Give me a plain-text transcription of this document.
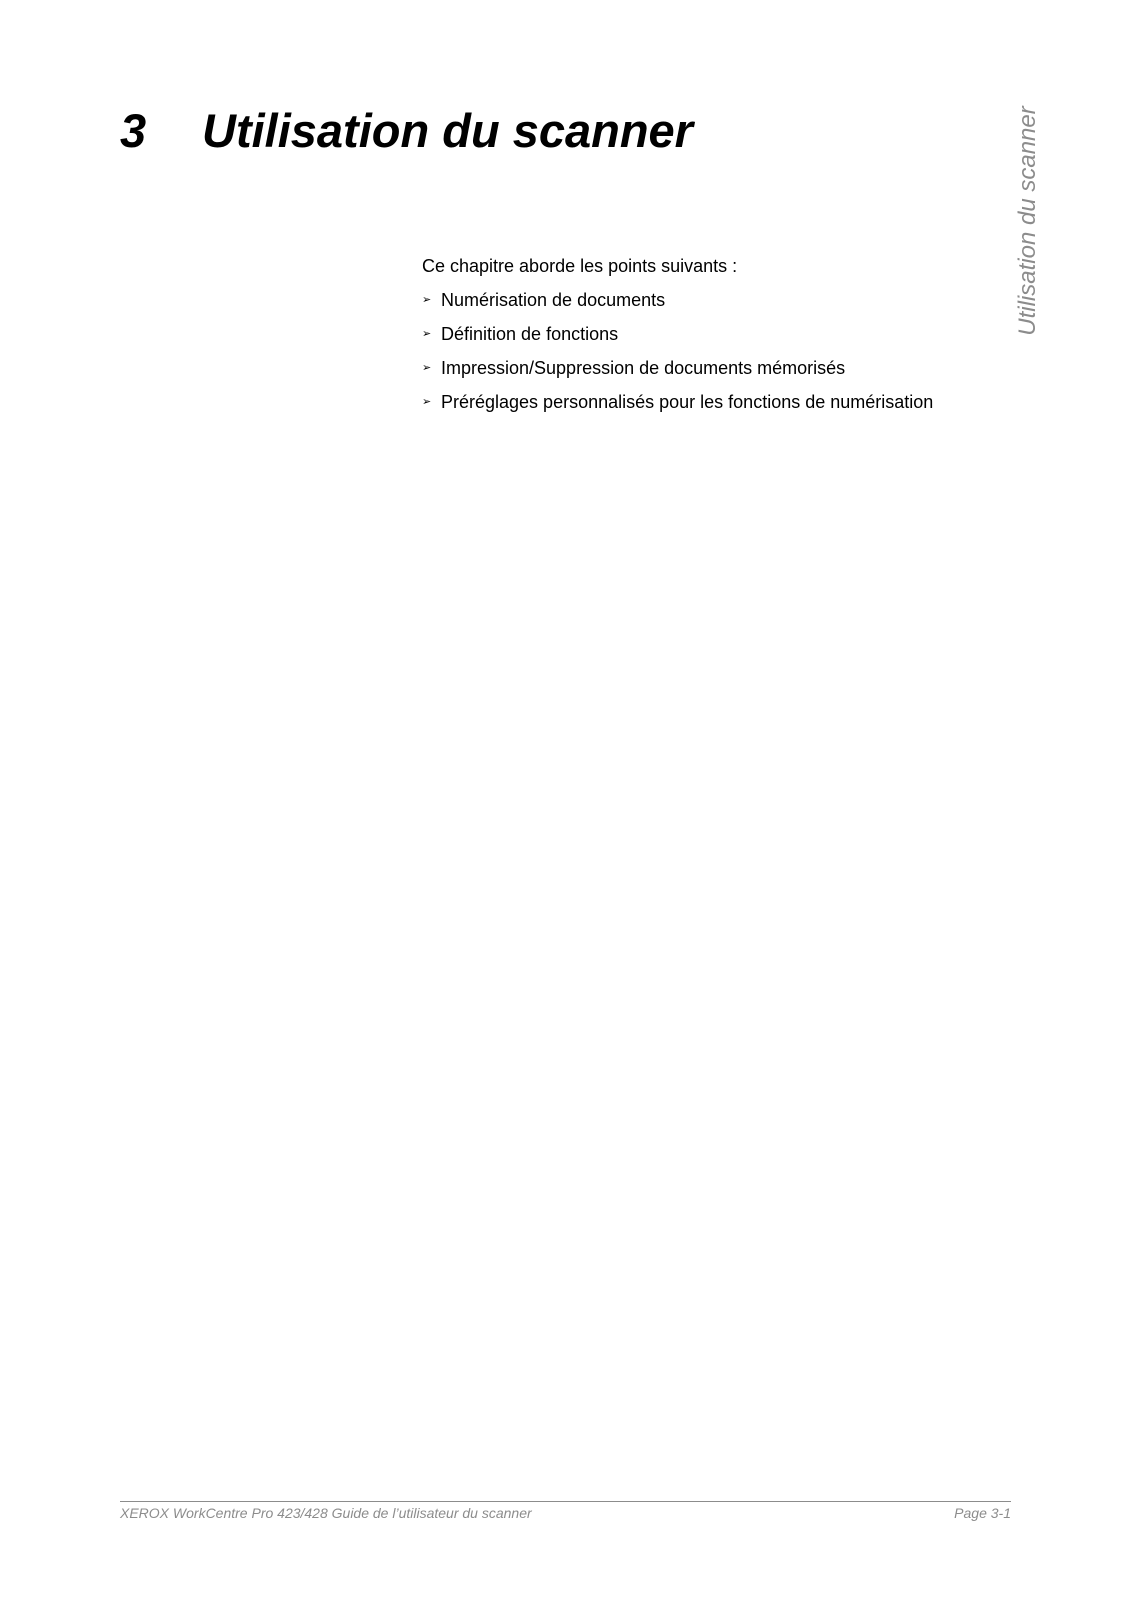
3 Utilisation du scanner	Utilisation du scanner

Ce chapitre aborde les points suivants :

➢ Numérisation de documents
➢ Définition de fonctions
➢ Impression/Suppression de documents mémorisés
➢ Préréglages personnalisés pour les fonctions de numérisation
XEROX WorkCentre Pro 423/428 Guide de l’utilisateur du scanner	Page 3-1
